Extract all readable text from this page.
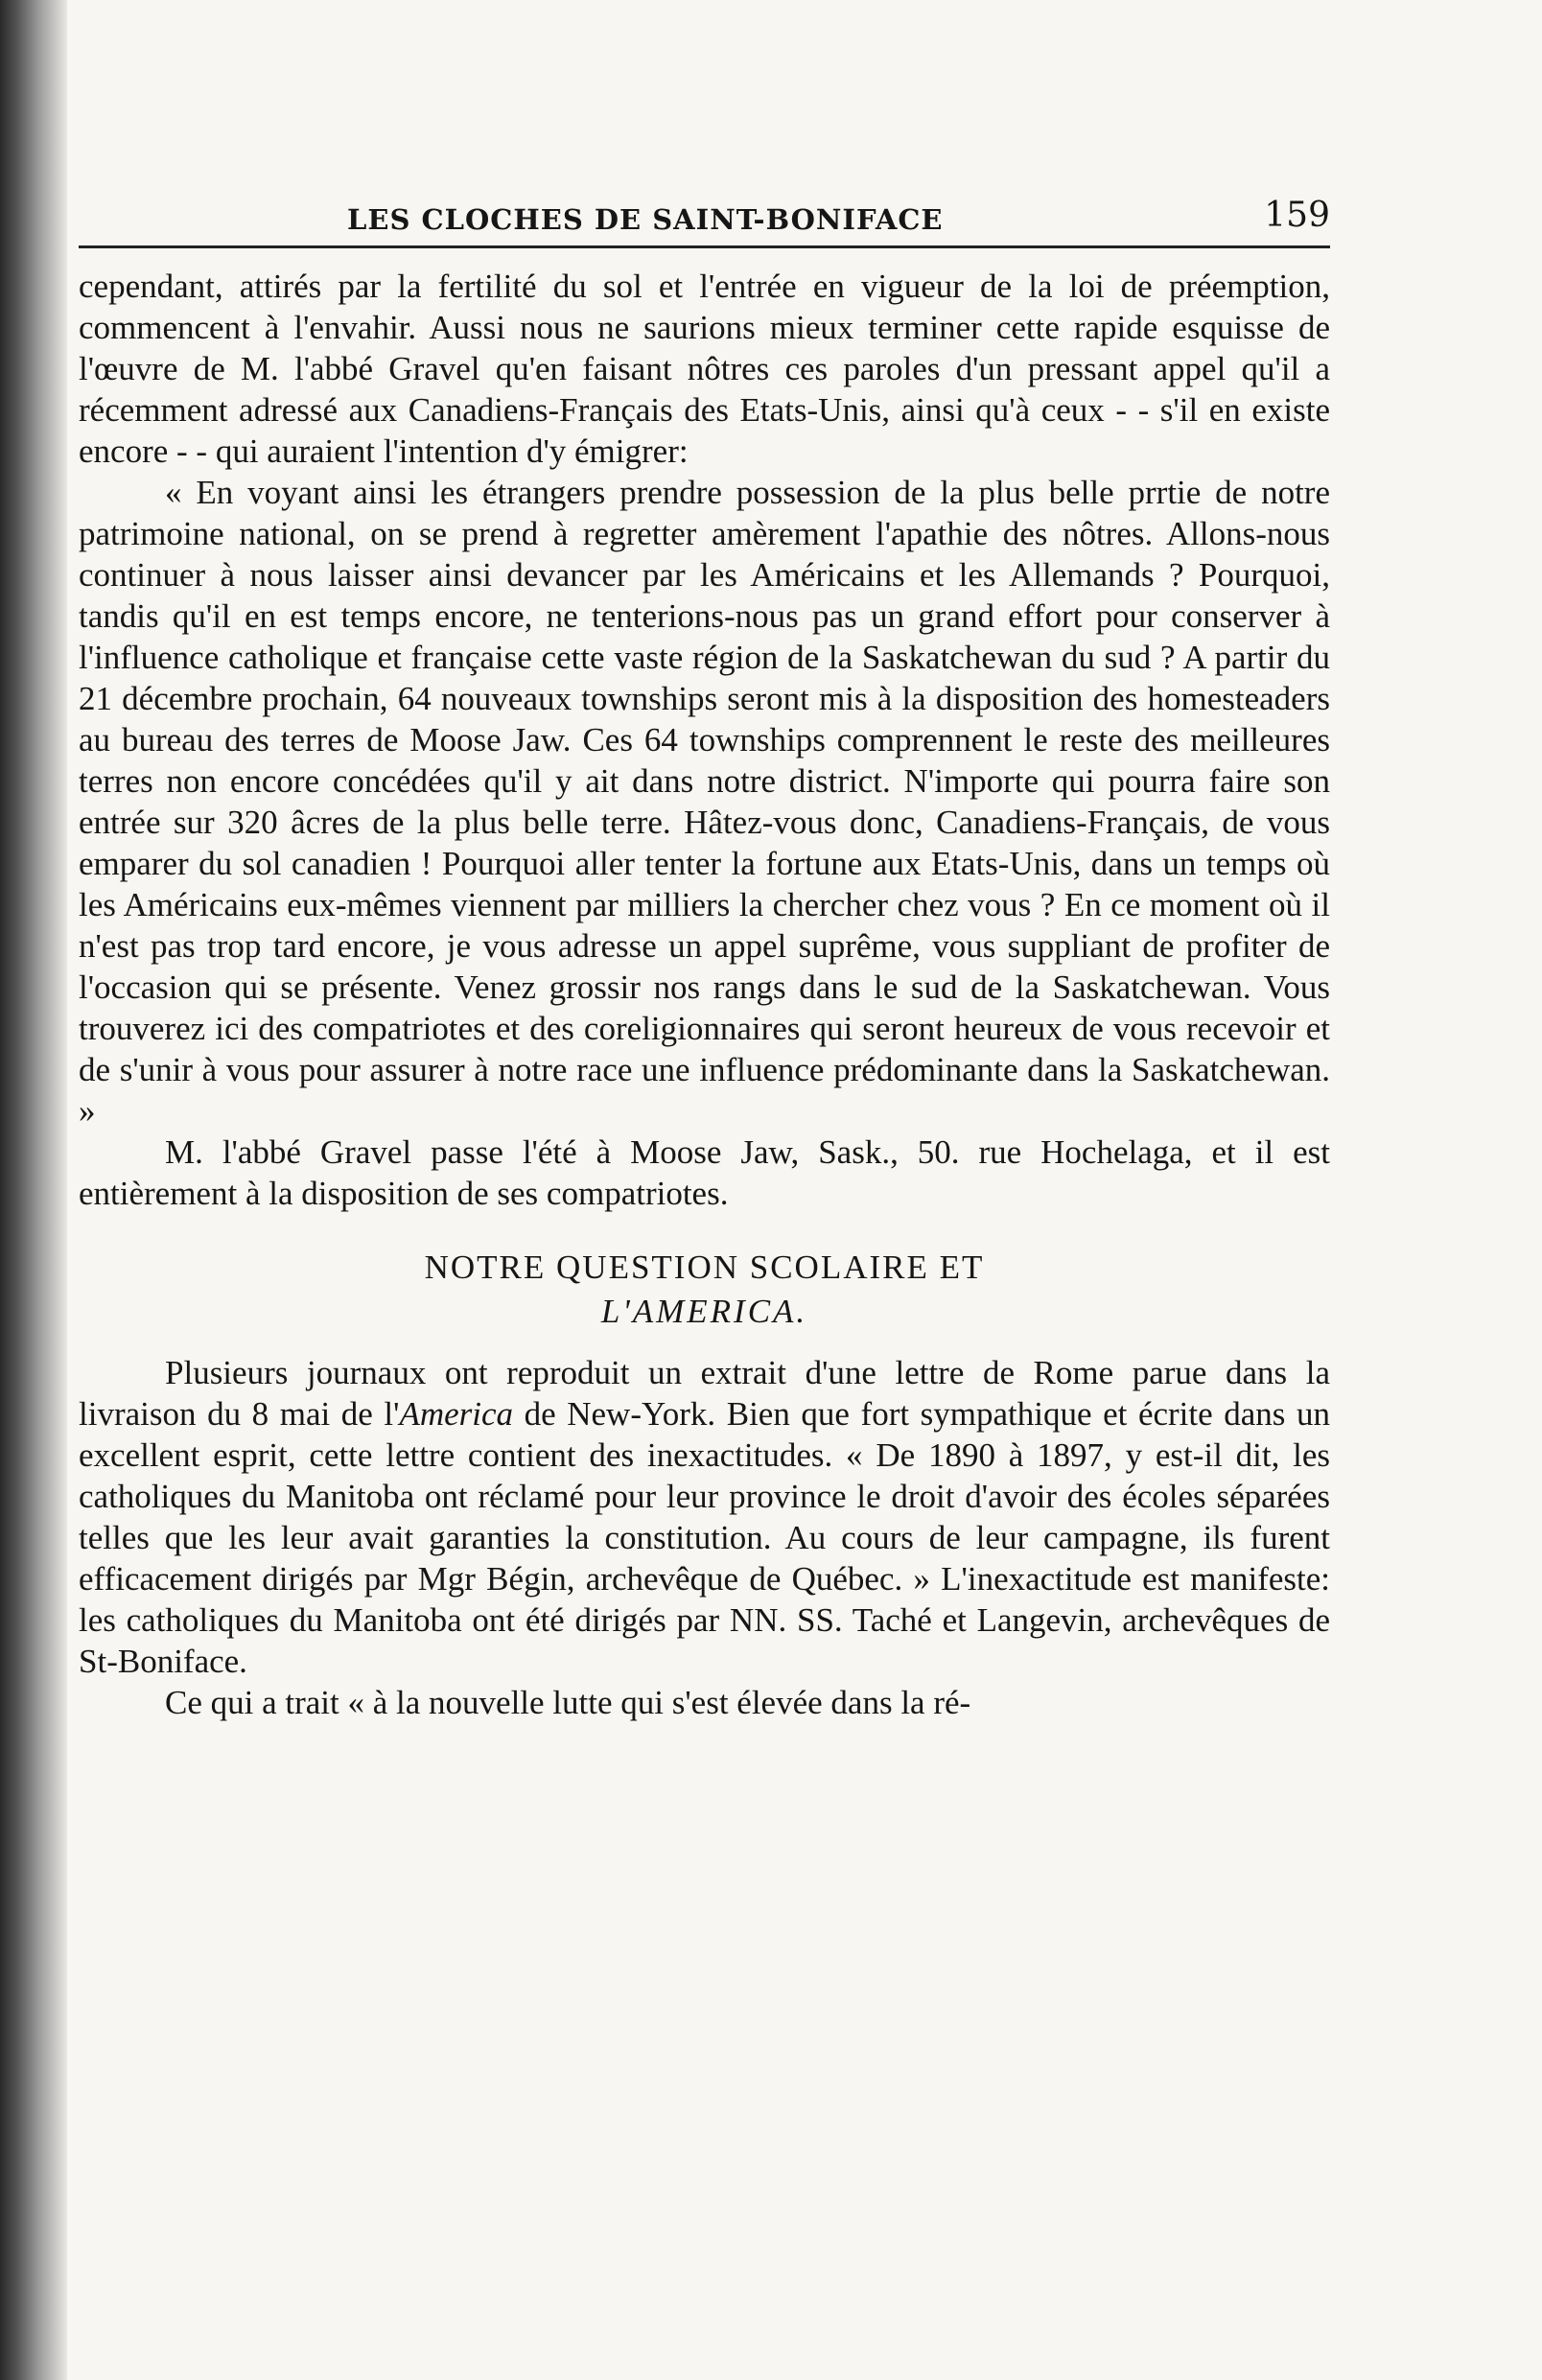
LES CLOCHES DE SAINT-BONIFACE	159

cependant, attirés par la fertilité du sol et l'entrée en vigueur de la loi de préemption, commencent à l'envahir. Aussi nous ne saurions mieux terminer cette rapide esquisse de l'œuvre de M. l'abbé Gravel qu'en faisant nôtres ces paroles d'un pressant appel qu'il a récemment adressé aux Canadiens-Français des Etats-Unis, ainsi qu'à ceux - - s'il en existe encore - - qui auraient l'intention d'y émigrer:

« En voyant ainsi les étrangers prendre possession de la plus belle prrtie de notre patrimoine national, on se prend à regretter amèrement l'apathie des nôtres. Allons-nous continuer à nous laisser ainsi devancer par les Américains et les Allemands ? Pourquoi, tandis qu'il en est temps encore, ne tenterions-nous pas un grand effort pour conserver à l'influence catholique et française cette vaste région de la Saskatchewan du sud ? A partir du 21 décembre prochain, 64 nouveaux townships seront mis à la disposition des homesteaders au bureau des terres de Moose Jaw. Ces 64 townships comprennent le reste des meilleures terres non encore concédées qu'il y ait dans notre district. N'importe qui pourra faire son entrée sur 320 âcres de la plus belle terre. Hâtez-vous donc, Canadiens-Français, de vous emparer du sol canadien ! Pourquoi aller tenter la fortune aux Etats-Unis, dans un temps où les Américains eux-mêmes viennent par milliers la chercher chez vous ? En ce moment où il n'est pas trop tard encore, je vous adresse un appel suprême, vous suppliant de profiter de l'occasion qui se présente. Venez grossir nos rangs dans le sud de la Saskatchewan. Vous trouverez ici des compatriotes et des coreligionnaires qui seront heureux de vous recevoir et de s'unir à vous pour assurer à notre race une influence prédominante dans la Saskatchewan. »

M. l'abbé Gravel passe l'été à Moose Jaw, Sask., 50. rue Hochelaga, et il est entièrement à la disposition de ses compatriotes.

NOTRE QUESTION SCOLAIRE ET
L'AMERICA.

Plusieurs journaux ont reproduit un extrait d'une lettre de Rome parue dans la livraison du 8 mai de l'America de New-York. Bien que fort sympathique et écrite dans un excellent esprit, cette lettre contient des inexactitudes. « De 1890 à 1897, y est-il dit, les catholiques du Manitoba ont réclamé pour leur province le droit d'avoir des écoles séparées telles que les leur avait garanties la constitution. Au cours de leur campagne, ils furent efficacement dirigés par Mgr Bégin, archevêque de Québec. » L'inexactitude est manifeste: les catholiques du Manitoba ont été dirigés par NN. SS. Taché et Langevin, archevêques de St-Boniface.

Ce qui a trait « à la nouvelle lutte qui s'est élevée dans la ré-
